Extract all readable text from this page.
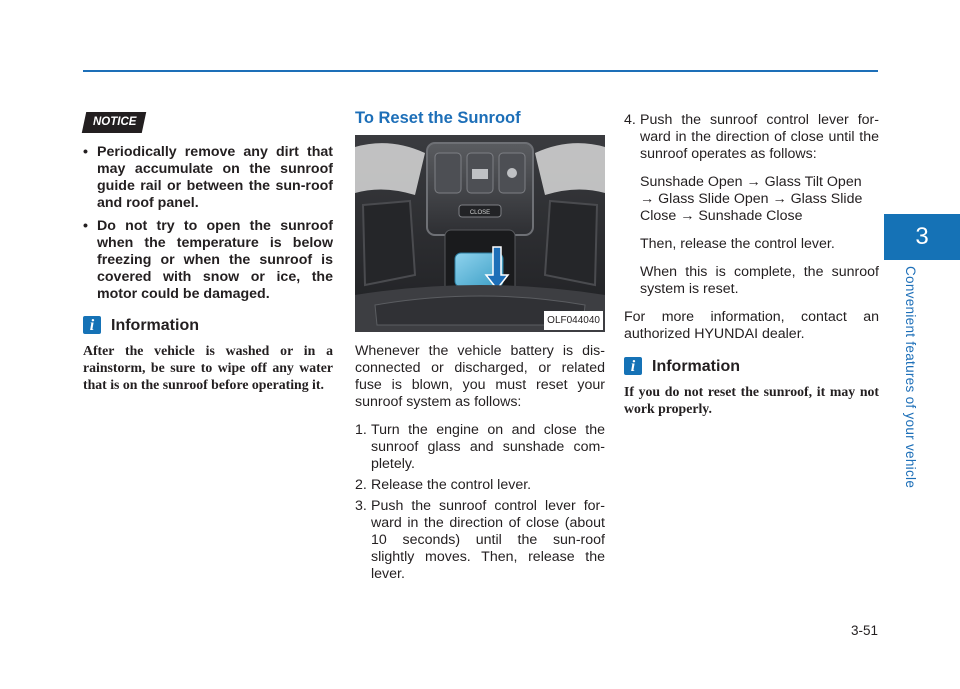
3
Convenient features of your vehicle
3-51
NOTICE
• Periodically remove any dirt that may accumulate on the sunroof guide rail or between the sun-roof and roof panel.
• Do not try to open the sunroof when the temperature is below freezing or when the sunroof is covered with snow or ice, the motor could be damaged.
i	Information
After the vehicle is washed or in a rainstorm, be sure to wipe off any water that is on the sunroof before operating it.
To Reset the Sunroof
CLOSE
OLF044040

Whenever the vehicle battery is dis-connected or discharged, or related fuse is blown, you must reset your sunroof system as follows:

1. Turn the engine on and close the sunroof glass and sunshade com-pletely.
2. Release the control lever.
3. Push the sunroof control lever for-ward in the direction of close (about 10 seconds) until the sun-roof slightly moves. Then, release the lever.
4. Push the sunroof control lever for-ward in the direction of close until the sunroof operates as follows:

Sunshade Open → Glass Tilt Open → Glass Slide Open → Glass Slide Close → Sunshade Close

Then, release the control lever.

When this is complete, the sunroof system is reset.

For more information, contact an authorized HYUNDAI dealer.

i	Information
If you do not reset the sunroof, it may not work properly.
